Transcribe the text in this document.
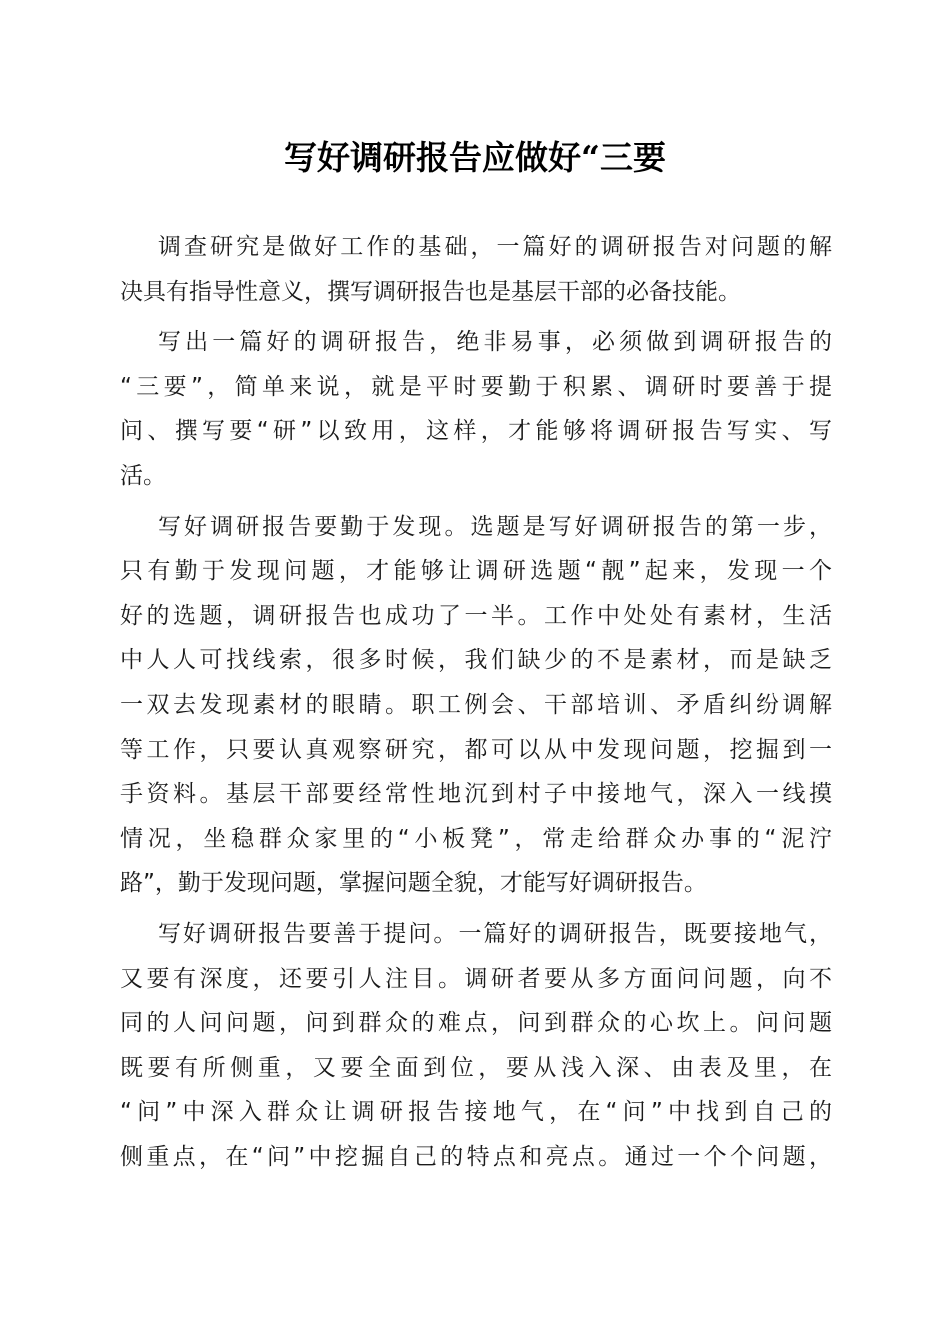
写好调研报告应做好“三要
调查研究是做好工作的基础，一篇好的调研报告对问题的解
决具有指导性意义，撰写调研报告也是基层干部的必备技能。
写出一篇好的调研报告，绝非易事，必须做到调研报告的
“三要”，简单来说，就是平时要勤于积累、调研时要善于提
问、撰写要“研”以致用，这样，才能够将调研报告写实、写
活。
写好调研报告要勤于发现。选题是写好调研报告的第一步，
只有勤于发现问题，才能够让调研选题“靓”起来，发现一个
好的选题，调研报告也成功了一半。工作中处处有素材，生活
中人人可找线索，很多时候，我们缺少的不是素材，而是缺乏
一双去发现素材的眼睛。职工例会、干部培训、矛盾纠纷调解
等工作，只要认真观察研究，都可以从中发现问题，挖掘到一
手资料。基层干部要经常性地沉到村子中接地气，深入一线摸
情况，坐稳群众家里的“小板凳”，常走给群众办事的“泥泞
路”，勤于发现问题，掌握问题全貌，才能写好调研报告。
写好调研报告要善于提问。一篇好的调研报告，既要接地气，
又要有深度，还要引人注目。调研者要从多方面问问题，向不
同的人问问题，问到群众的难点，问到群众的心坎上。问问题
既要有所侧重，又要全面到位，要从浅入深、由表及里，在
“问”中深入群众让调研报告接地气，在“问”中找到自己的
侧重点，在“问”中挖掘自己的特点和亮点。通过一个个问题，
